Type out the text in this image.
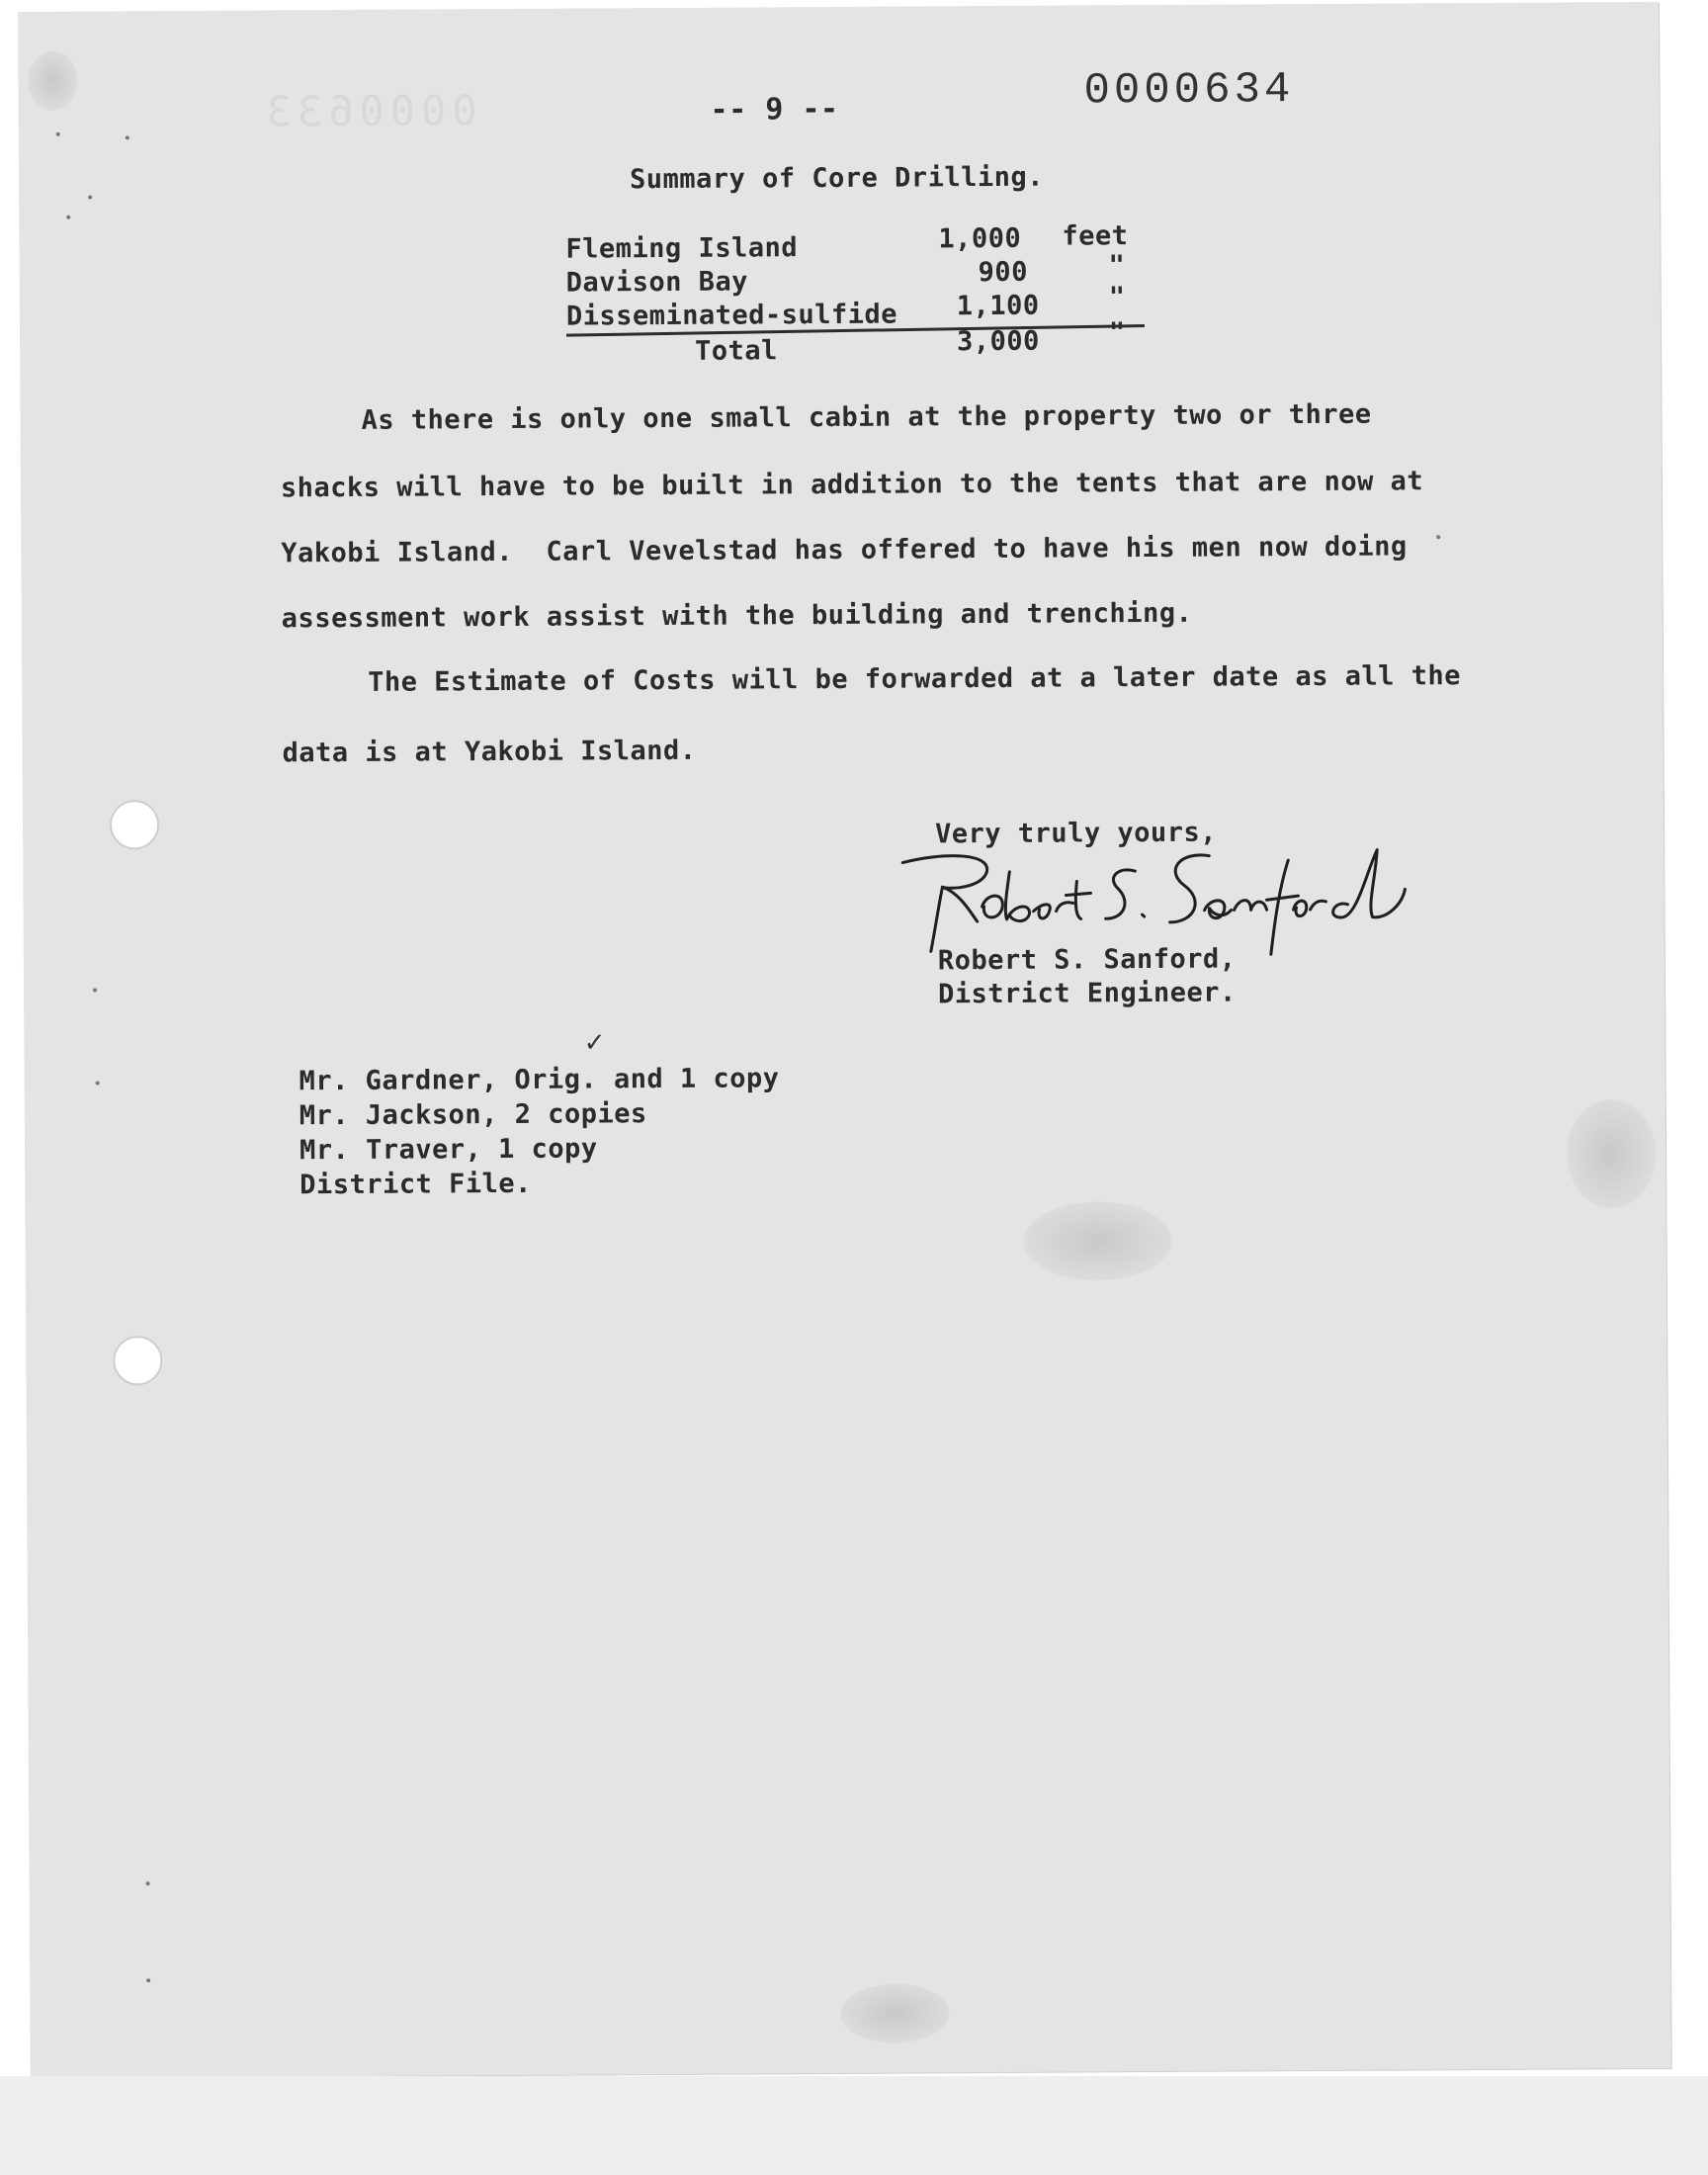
0000633	-- 9 --	0000634
Summary of Core Drilling.
Fleming Island	1,000 feet
Davison Bay	900	"
Disseminated-sulfide 1,100	"
Total	3,000	"
As there is only one small cabin at the property two or three
shacks will have to be built in addition to the tents that are now at
Yakobi Island.  Carl Vevelstad has offered to have his men now doing
assessment work assist with the building and trenching.
The Estimate of Costs will be forwarded at a later date as all the
data is at Yakobi Island.
Very truly yours,
Robert S. Sanford,
District Engineer.
✓
Mr. Gardner, Orig. and 1 copy
Mr. Jackson, 2 copies
Mr. Traver, 1 copy
District File.
